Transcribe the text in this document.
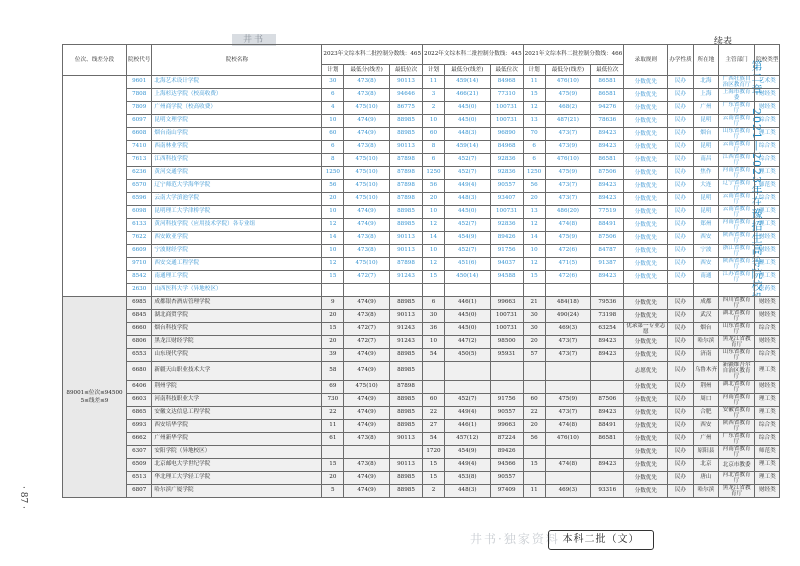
井书	续表
· 87 ·
第二章　2021—2023年在豫招生高等院校投档数据统计（文史类）
井书·独家资料 本科二批（文）
位次、线差分段	院校代号	院校名称	2023年文综本科二批控制分数线：465			2022年文综本科二批控制分数线：445			2021年文综本科二批控制分数线：466			录取规则	办学性质	所在地	主管部门	院校类型
			计划	最低分(线差)	最低位次	计划	最低分(线差)	最低位次	计划	最低分(线差)	最低位次					
	9601	北海艺术设计学院	30	473(8)	90113	11	459(14)	84968	11	476(10)	86581	分数优先	民办	北海	广西壮族自治区教育厅	艺术类
	7808	上海杉达学院（校高收费）	6	473(8)	94646	3	466(21)	77310	15	475(9)	86581	分数优先	民办	上海	上海市教育委	财经类
	7809	广州商学院（校高收费）	4	475(10)	86775	2	445(0)	100731	12	468(2)	94276	分数优先	民办	广州	广东省教育厅	财经类
	6097	昆明文理学院	10	474(9)	88985	10	445(0)	100731	13	487(21)	78636	分数优先	民办	昆明	云南省教育厅	综合类
	6608	烟台南山学院	60	474(9)	88985	60	448(3)	96890	70	473(7)	89423	分数优先	民办	烟台	山东省教育厅	理工类
	7410	西南林业学院	6	473(8)	90113	8	459(14)	84968	6	473(9)	89423	分数优先	民办	昆明	云南省教育厅	综合类
	7613	江西科技学院	8	475(10)	87898	6	452(7)	92836	6	476(10)	86581	分数优先	民办	南昌	江西省教育厅	综合类
	6236	黄河交通学院	1250	475(10)	87898	1250	452(7)	92836	1250	475(9)	87506	分数优先	民办	焦作	河南省教育厅	理工类
	6570	辽宁师范大学海华学院	56	475(10)	87898	56	449(4)	90557	56	473(7)	89423	分数优先	民办	大连	辽宁省教育厅	师范类
	6596	云南大学滇池学院	20	475(10)	87898	20	448(3)	93407	20	473(7)	89423	分数优先	民办	昆明	云南省教育厅	综合类
	6098	昆明理工大学津桥学院	10	474(9)	88985	10	445(0)	100731	13	486(20)	77519	分数优先	民办	昆明	云南省教育厅	理工类
	6133	黄河科技学院（应用技术学院）各专业组	12	474(9)	88985	12	452(7)	92836	12	474(8)	88491	分数优先	民办	郑州	河南省教育厅	理工类
	7622	西安欧亚学院	14	473(8)	90113	14	454(9)	89426	14	475(9)	87506	分数优先	民办	西安	陕西省教育厅	财经类
	6609	宁波财经学院	10	473(8)	90113	10	452(7)	91756	10	472(6)	84787	分数优先	民办	宁波	浙江省教育厅	财经类
	9710	西安交通工程学院	12	475(10)	87898	12	451(6)	94037	12	471(5)	91387	分数优先	民办	西安	陕西省教育厅	理工类
	8542	南通理工学院	15	472(7)	91243	15	450(14)	94588	15	472(6)	89423	分数优先	民办	南通	江苏省教育厅	理工类
	2630	山西医科大学（异地校区）														医药类
89001≤位次≤94500 5≤线差≤9	6985	成都银杏酒店管理学院	9	474(9)	88985	6	446(1)	99663	21	484(18)	79536	分数优先	民办	成都	四川省教育厅	财经类
	6845	湖北商贸学院	20	473(8)	90113	30	445(0)	100731	30	490(24)	73198	分数优先	民办	武汉	湖北省教育厅	财经类
	6660	烟台科技学院	15	472(7)	91243	36	445(0)	100731	30	469(3)	63254	优录第一专业志愿	民办	烟台	山东省教育厅	综合类
	6806	黑龙江财经学院	20	472(7)	91243	10	447(2)	98500	20	473(7)	89423	分数优先	民办	哈尔滨	黑龙江省教育厅	财经类
	6553	山东现代学院	39	474(9)	88985	54	450(5)	95931	57	473(7)	89423	分数优先	民办	济南	山东省教育厅	综合类
	6680	新疆天山职业技术大学	58	474(9)	88985							志愿优先	民办	乌鲁木齐	新疆维吾尔自治区教育厅	理工类
	6406	荆州学院	69	475(10)	87898							分数优先	民办	荆州	湖北省教育厅	财经类
	6603	河南科技职业大学	730	474(9)	88985	60	452(7)	91756	60	475(9)	87506	分数优先	民办	周口	河南省教育厅	理工类
	6865	安徽文达信息工程学院	22	474(9)	88985	22	449(4)	90557	22	473(7)	89423	分数优先	民办	合肥	安徽省教育厅	理工类
	6993	西安培华学院	11	474(9)	88985	27	446(1)	99663	20	474(8)	88491	分数优先	民办	西安	陕西省教育厅	综合类
	6662	广州新华学院	61	473(8)	90113	54	457(12)	87224	56	476(10)	86581	分数优先	民办	广州	广东省教育厅	综合类
	6307	安阳学院（异地校区）				1720	454(9)	89426				分数优先	民办	原阳县	河南省教育厅	师范类
	6509	北京邮电大学世纪学院	15	473(8)	90113	15	449(4)	94566	15	474(8)	89423	分数优先	民办	北京	北京市教委	理工类
	6513	华北理工大学轻工学院	20	474(9)	88985	15	453(8)	90557				分数优先	民办	唐山	河北省教育厅	理工类
	6807	哈尔滨广厦学院	5	474(9)	88985	2	448(3)	97409	11	469(3)	93316	分数优先	民办	哈尔滨	黑龙江省教育厅	财经类
